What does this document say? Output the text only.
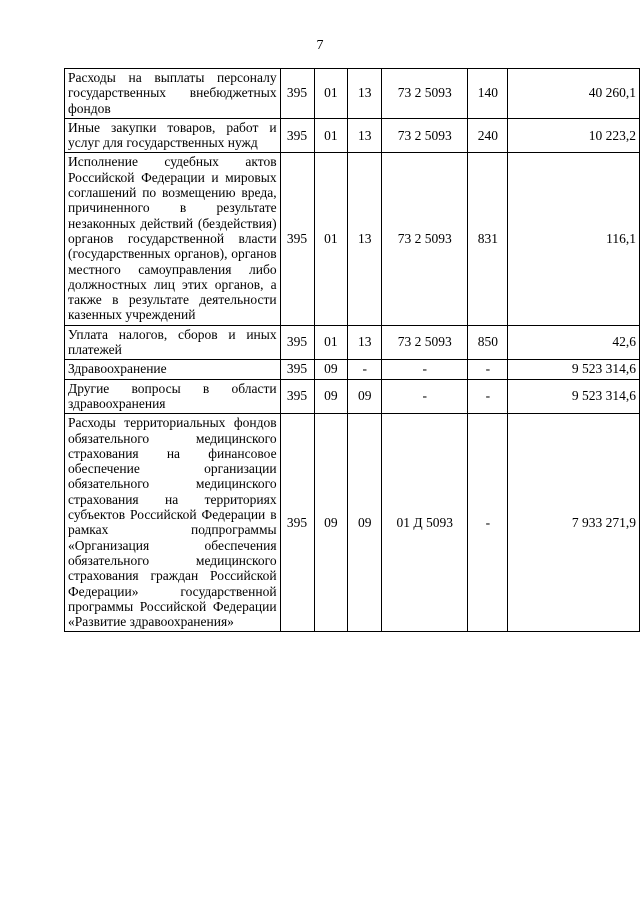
7
Расходы на выплаты персоналу государственных внебюджетных фондов	395	01	13	73 2 5093	140	40 260,1
Иные закупки товаров, работ и услуг для государственных нужд	395	01	13	73 2 5093	240	10 223,2
Исполнение судебных актов Российской Федерации и мировых соглашений по возмещению вреда, причиненного в результате незаконных действий (бездействия) органов государственной власти (государственных органов), органов местного самоуправления либо должностных лиц этих органов, а также в результате деятельности казенных учреждений	395	01	13	73 2 5093	831	116,1
Уплата налогов, сборов и иных платежей	395	01	13	73 2 5093	850	42,6
Здравоохранение	395	09	-	-	-	9 523 314,6
Другие вопросы в области здравоохранения	395	09	09	-	-	9 523 314,6
Расходы территориальных фондов обязательного медицинского страхования на финансовое обеспечение организации обязательного медицинского страхования на территориях субъектов Российской Федерации в рамках подпрограммы «Организация обеспечения обязательного медицинского страхования граждан Российской Федерации» государственной программы Российской Федерации «Развитие здравоохранения»	395	09	09	01 Д 5093	-	7 933 271,9
